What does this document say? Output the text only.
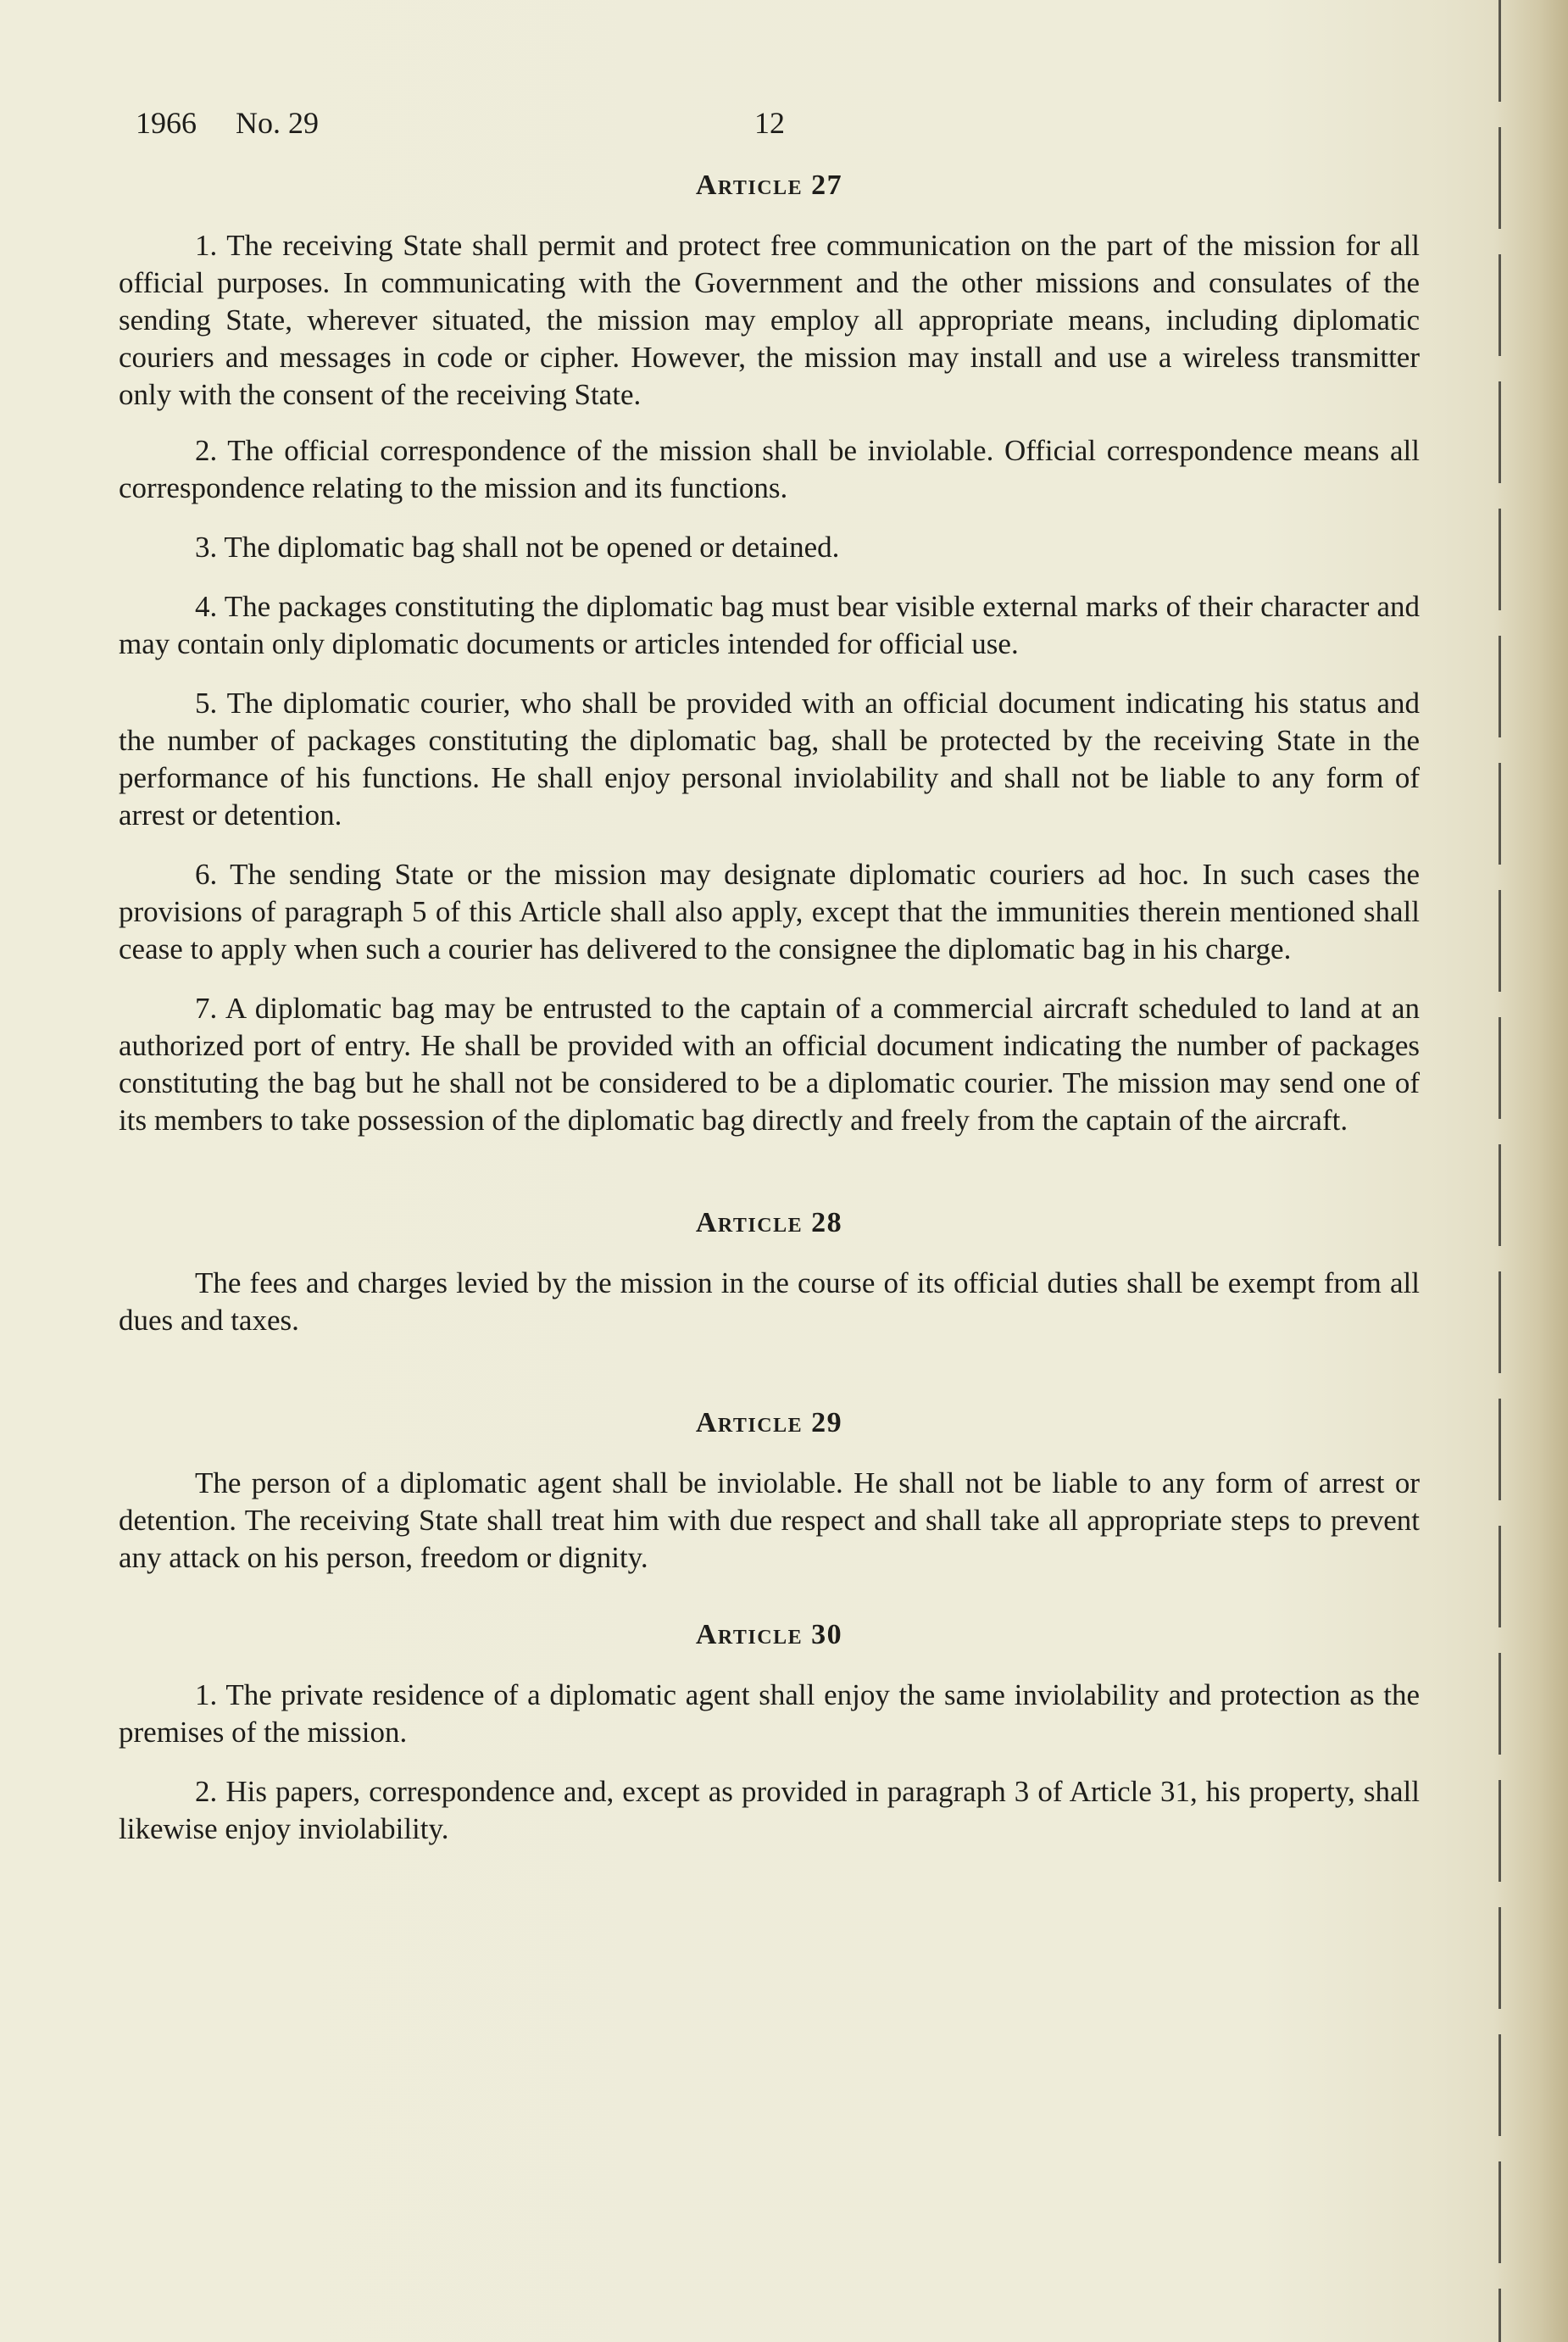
1966 No. 29	12
Article 27

1. The receiving State shall permit and protect free communication on the part of the mission for all official purposes. In communicating with the Government and the other missions and consulates of the sending State, wherever situated, the mission may employ all appropriate means, including diplomatic couriers and messages in code or cipher. However, the mission may install and use a wireless transmitter only with the consent of the receiving State.

2. The official correspondence of the mission shall be inviolable. Official correspondence means all correspondence relating to the mission and its functions.

3. The diplomatic bag shall not be opened or detained.

4. The packages constituting the diplomatic bag must bear visible external marks of their character and may contain only diplomatic documents or articles intended for official use.

5. The diplomatic courier, who shall be provided with an official document indicating his status and the number of packages constituting the diplomatic bag, shall be protected by the receiving State in the performance of his functions. He shall enjoy personal inviolability and shall not be liable to any form of arrest or detention.

6. The sending State or the mission may designate diplomatic couriers ad hoc. In such cases the provisions of paragraph 5 of this Article shall also apply, except that the immunities therein mentioned shall cease to apply when such a courier has delivered to the consignee the diplomatic bag in his charge.

7. A diplomatic bag may be entrusted to the captain of a commercial aircraft scheduled to land at an authorized port of entry. He shall be provided with an official document indicating the number of packages constituting the bag but he shall not be considered to be a diplomatic courier. The mission may send one of its members to take possession of the diplomatic bag directly and freely from the captain of the aircraft.

Article 28

The fees and charges levied by the mission in the course of its official duties shall be exempt from all dues and taxes.

Article 29

The person of a diplomatic agent shall be inviolable. He shall not be liable to any form of arrest or detention. The receiving State shall treat him with due respect and shall take all appropriate steps to prevent any attack on his person, freedom or dignity.

Article 30

1. The private residence of a diplomatic agent shall enjoy the same inviolability and protection as the premises of the mission.

2. His papers, correspondence and, except as provided in paragraph 3 of Article 31, his property, shall likewise enjoy inviolability.
